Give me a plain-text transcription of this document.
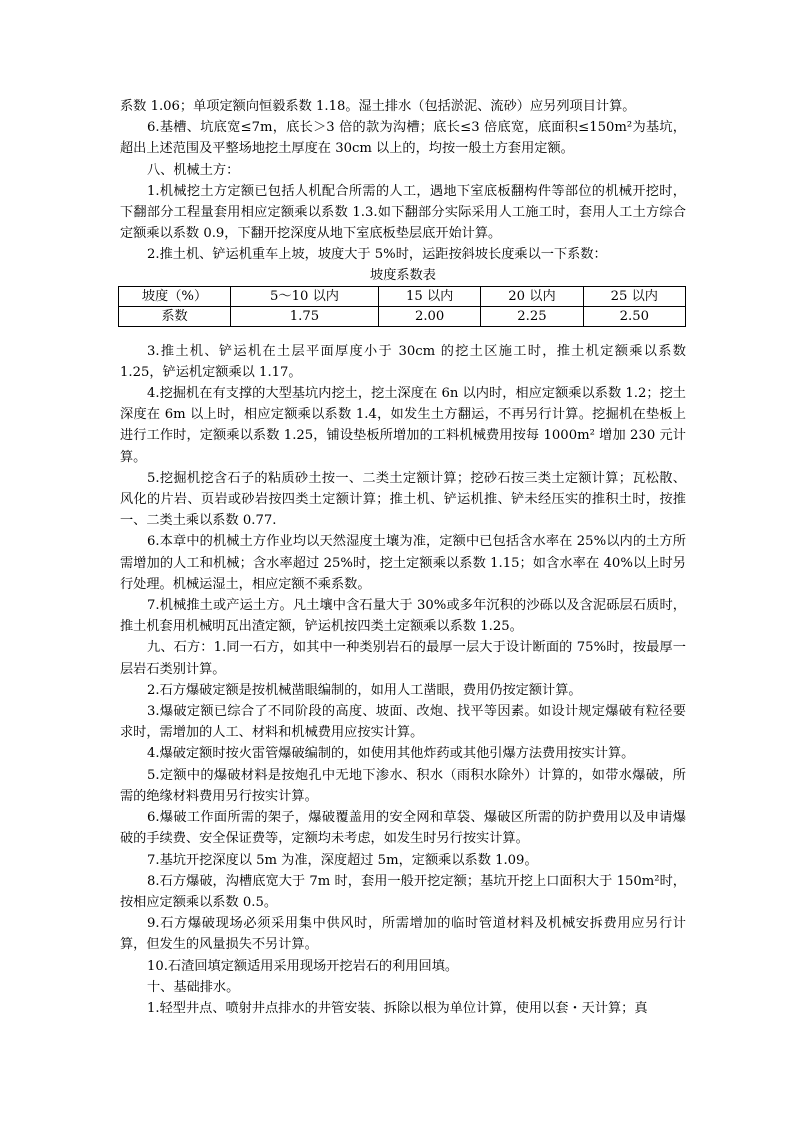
系数 1.06；单项定额向恒毅系数 1.18。湿土排水（包括淤泥、流砂）应另列项目计算。

6.基槽、坑底宽≤7m，底长＞3 倍的款为沟槽；底长≤3 倍底宽，底面积≤150m²为基坑，超出上述范围及平整场地挖土厚度在 30cm 以上的，均按一般土方套用定额。

八、机械土方：

1.机械挖土方定额已包括人机配合所需的人工，遇地下室底板翻构件等部位的机械开挖时，下翻部分工程量套用相应定额乘以系数 1.3.如下翻部分实际采用人工施工时，套用人工土方综合定额乘以系数 0.9，下翻开挖深度从地下室底板垫层底开始计算。

2.推土机、铲运机重车上坡，坡度大于 5%时，运距按斜坡长度乘以一下系数：

坡度系数表
坡度（%）	5～10 以内	15 以内	20 以内	25 以内
系数	1.75	2.00	2.25	2.50

3.推土机、铲运机在土层平面厚度小于 30cm 的挖土区施工时，推土机定额乘以系数 1.25，铲运机定额乘以 1.17。

4.挖掘机在有支撑的大型基坑内挖土，挖土深度在 6n 以内时，相应定额乘以系数 1.2；挖土深度在 6m 以上时，相应定额乘以系数 1.4，如发生土方翻运，不再另行计算。挖掘机在垫板上进行工作时，定额乘以系数 1.25，铺设垫板所增加的工料机械费用按每 1000m² 增加 230 元计算。

5.挖掘机挖含石子的粘质砂土按一、二类土定额计算；挖砂石按三类土定额计算；瓦松散、风化的片岩、页岩或砂岩按四类土定额计算；推土机、铲运机推、铲未经压实的推积土时，按推一、二类土乘以系数 0.77.

6.本章中的机械土方作业均以天然湿度土壤为准，定额中已包括含水率在 25%以内的土方所需增加的人工和机械；含水率超过 25%时，挖土定额乘以系数 1.15；如含水率在 40%以上时另行处理。机械运湿土，相应定额不乘系数。

7.机械推土或产运土方。凡土壤中含石量大于 30%或多年沉积的沙砾以及含泥砾层石质时，推土机套用机械明瓦出渣定额，铲运机按四类土定额乘以系数 1.25。

九、石方：1.同一石方，如其中一种类别岩石的最厚一层大于设计断面的 75%时，按最厚一层岩石类别计算。

2.石方爆破定额是按机械凿眼编制的，如用人工凿眼，费用仍按定额计算。

3.爆破定额已综合了不同阶段的高度、坡面、改炮、找平等因素。如设计规定爆破有粒径要求时，需增加的人工、材料和机械费用应按实计算。

4.爆破定额时按火雷管爆破编制的，如使用其他炸药或其他引爆方法费用按实计算。

5.定额中的爆破材料是按炮孔中无地下渗水、积水（雨积水除外）计算的，如带水爆破，所需的绝缘材料费用另行按实计算。

6.爆破工作面所需的架子，爆破覆盖用的安全网和草袋、爆破区所需的防护费用以及申请爆破的手续费、安全保证费等，定额均未考虑，如发生时另行按实计算。

7.基坑开挖深度以 5m 为准，深度超过 5m，定额乘以系数 1.09。

8.石方爆破，沟槽底宽大于 7m 时，套用一般开挖定额；基坑开挖上口面积大于 150m²时，按相应定额乘以系数 0.5。

9.石方爆破现场必须采用集中供风时，所需增加的临时管道材料及机械安拆费用应另行计算，但发生的风量损失不另计算。

10.石渣回填定额适用采用现场开挖岩石的利用回填。

十、基础排水。

1.轻型井点、喷射井点排水的井管安装、拆除以根为单位计算，使用以套・天计算；真
